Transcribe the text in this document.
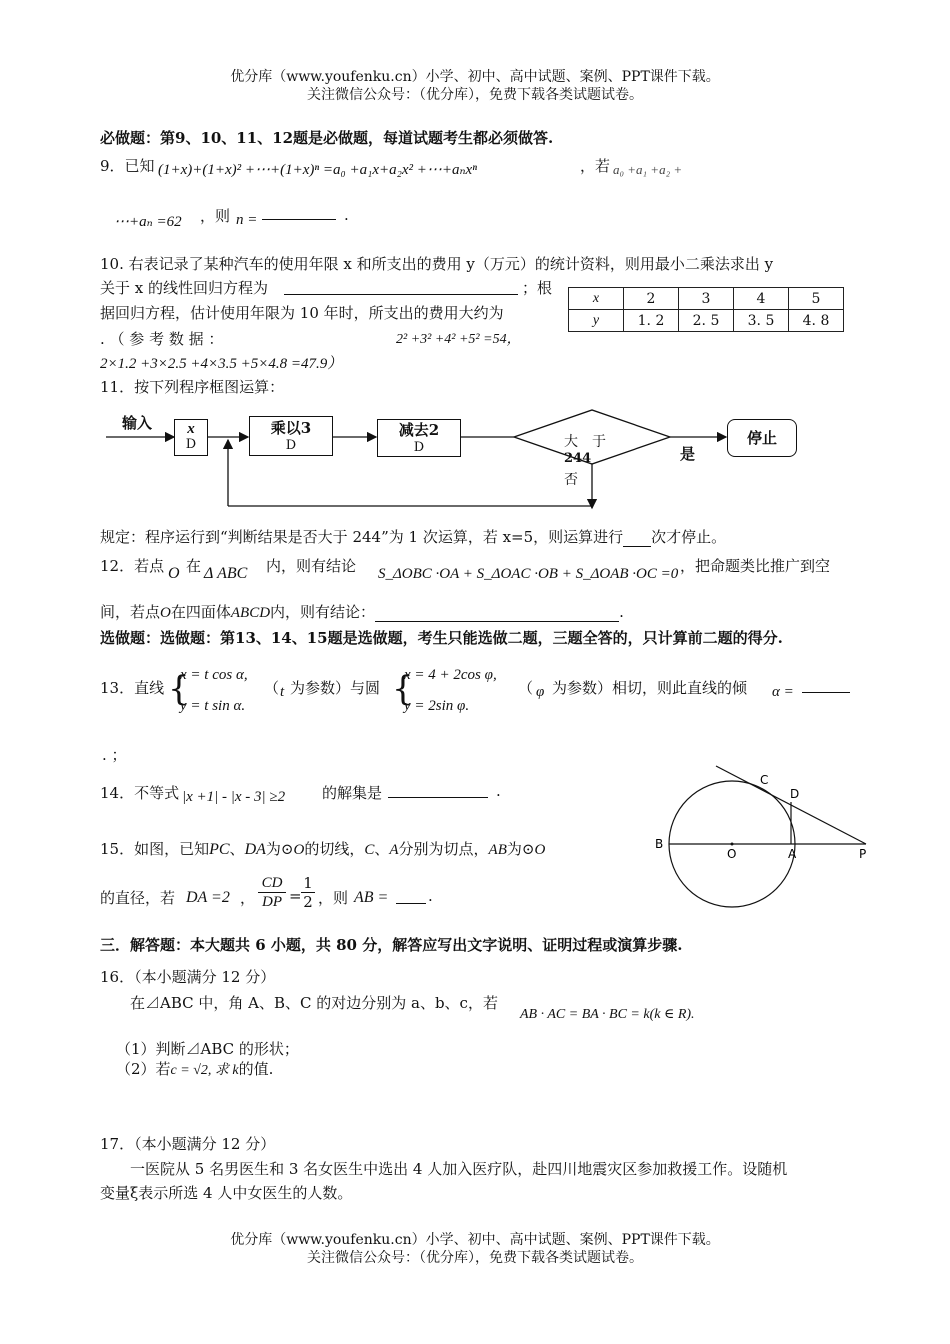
优分库（www.youfenku.cn）小学、初中、高中试题、案例、PPT课件下载。
关注微信公众号：（优分库），免费下载各类试题试卷。
必做题：第9、10、11、12题是必做题，每道试题考生都必须做答.
9．已知 (1+x)+(1+x)² +⋯+(1+x)ⁿ =a₀ +a₁x+a₂x² +⋯+aₙxⁿ	，若 a₀ +a₁ +a₂ +
⋯+aₙ =62 ，则 n =	.
10. 右表记录了某种汽车的使用年限 x 和所支出的费用 y（万元）的统计资料，则用最小二乘法求出 y
关于 x 的线性回归方程为	；根
据回归方程，估计使用年限为 10 年时，所支出的费用大约为
. （ 参 考 数 据 ：	2² +3² +4² +5² =54，
2×1.2 +3×2.5 +4×3.5 +5×4.8 =47.9）
x	2	3	4	5
y	1. 2	2. 5	3. 5	4. 8
11．按下列程序框图运算：
输入	x
D
乘以3
D
减去2
D	大　于
244
否
是
停止
规定：程序运行到“判断结果是否大于 244”为 1 次运算，若 x=5，则运算进行 次才停止。
12．若点 O 在 Δ ABC 内，则有结论 S_ΔOBC ·OA + S_ΔOAC ·OB + S_ΔOAB ·OC =0 ，把命题类比推广到空
间，若点O在四面体ABCD内，则有结论：	.
选做题：选做题：第13、14、15题是选做题，考生只能选做二题，三题全答的，只计算前二题的得分.
13．直线 {
x = t cos α,
y = t sin α.
（ t 为参数）与圆 {
x = 4 + 2cos φ,
y = 2sin φ.
（ φ 为参数）相切，则此直线的倾 α =
. ；
14．不等式 |x +1| - |x - 3| ≥2 的解集是	.
15．如图，已知PC、DA为⊙O的切线，C、A分别为切点，AB为⊙O
的直径，若 DA =2 ， $\frac{CD}{DP} = \frac{1}{2}$ ，则 AB =	.
B
O	A	P
C
D
三．解答题：本大题共 6 小题，共 80 分，解答应写出文字说明、证明过程或演算步骤.
16．（本小题满分 12 分）
在⊿ABC 中，角 A、B、C 的对边分别为 a、b、c，若
AB · AC = BA · BC = k(k ∈ R).
（1）判断⊿ABC 的形状；
（2）若c = √2, 求 k的值.
17．（本小题满分 12 分）
一医院从 5 名男医生和 3 名女医生中选出 4 人加入医疗队，赴四川地震灾区参加救援工作。设随机
变量ξ表示所选 4 人中女医生的人数。
优分库（www.youfenku.cn）小学、初中、高中试题、案例、PPT课件下载。
关注微信公众号：（优分库），免费下载各类试题试卷。
